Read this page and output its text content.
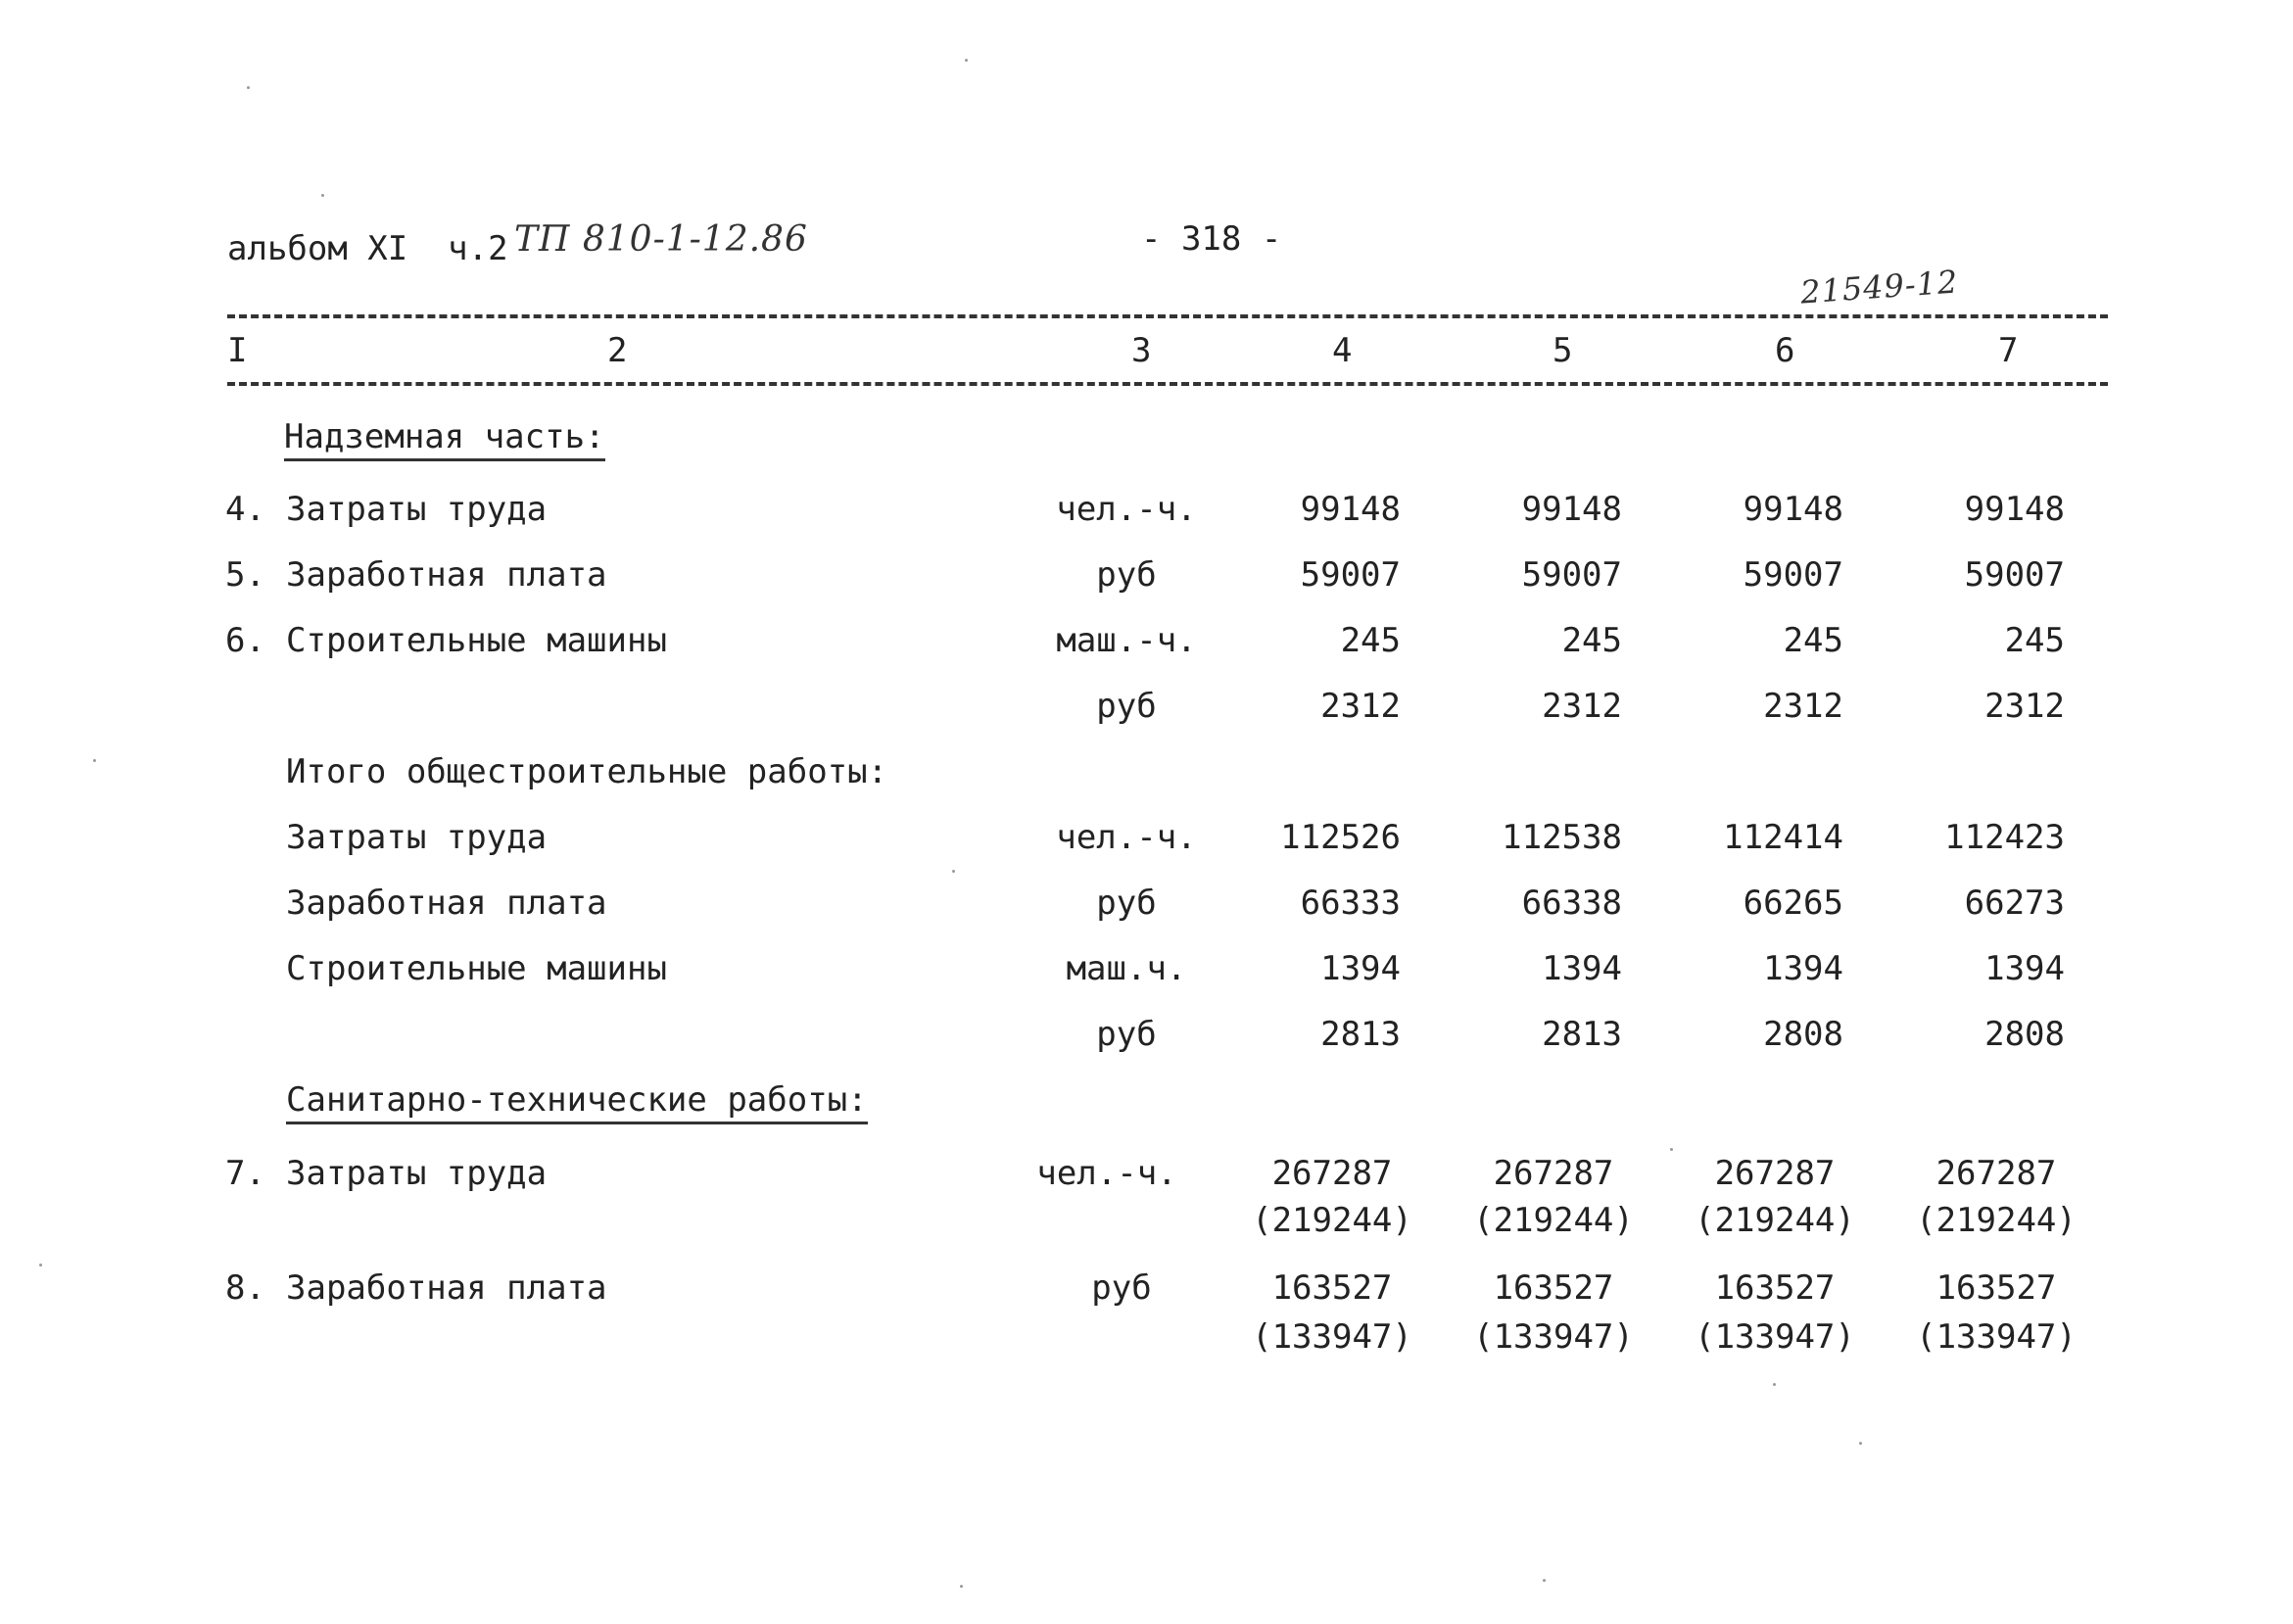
альбом XI  ч.2 ТП 810-1-12.86	- 318 -
21549-12
I	2	3	4	5	6	7
Надземная часть:
4. Затраты труда	чел.-ч.	99148	99148	99148	99148
5. Заработная плата	руб	59007	59007	59007	59007
6. Строительные машины	маш.-ч.	245	245	245	245
руб	2312	2312	2312	2312
Итого общестроительные работы:
Затраты труда	чел.-ч.	112526	112538	112414	112423
Заработная плата	руб	66333	66338	66265	66273
Строительные машины	маш.ч.	1394	1394	1394	1394
руб	2813	2813	2808	2808
Санитарно-технические работы:
7. Затраты труда	чел.-ч.	267287	267287	267287	267287
(219244)	(219244)	(219244)	(219244)
8. Заработная плата	руб	163527	163527	163527	163527
(133947)	(133947)	(133947)	(133947)
